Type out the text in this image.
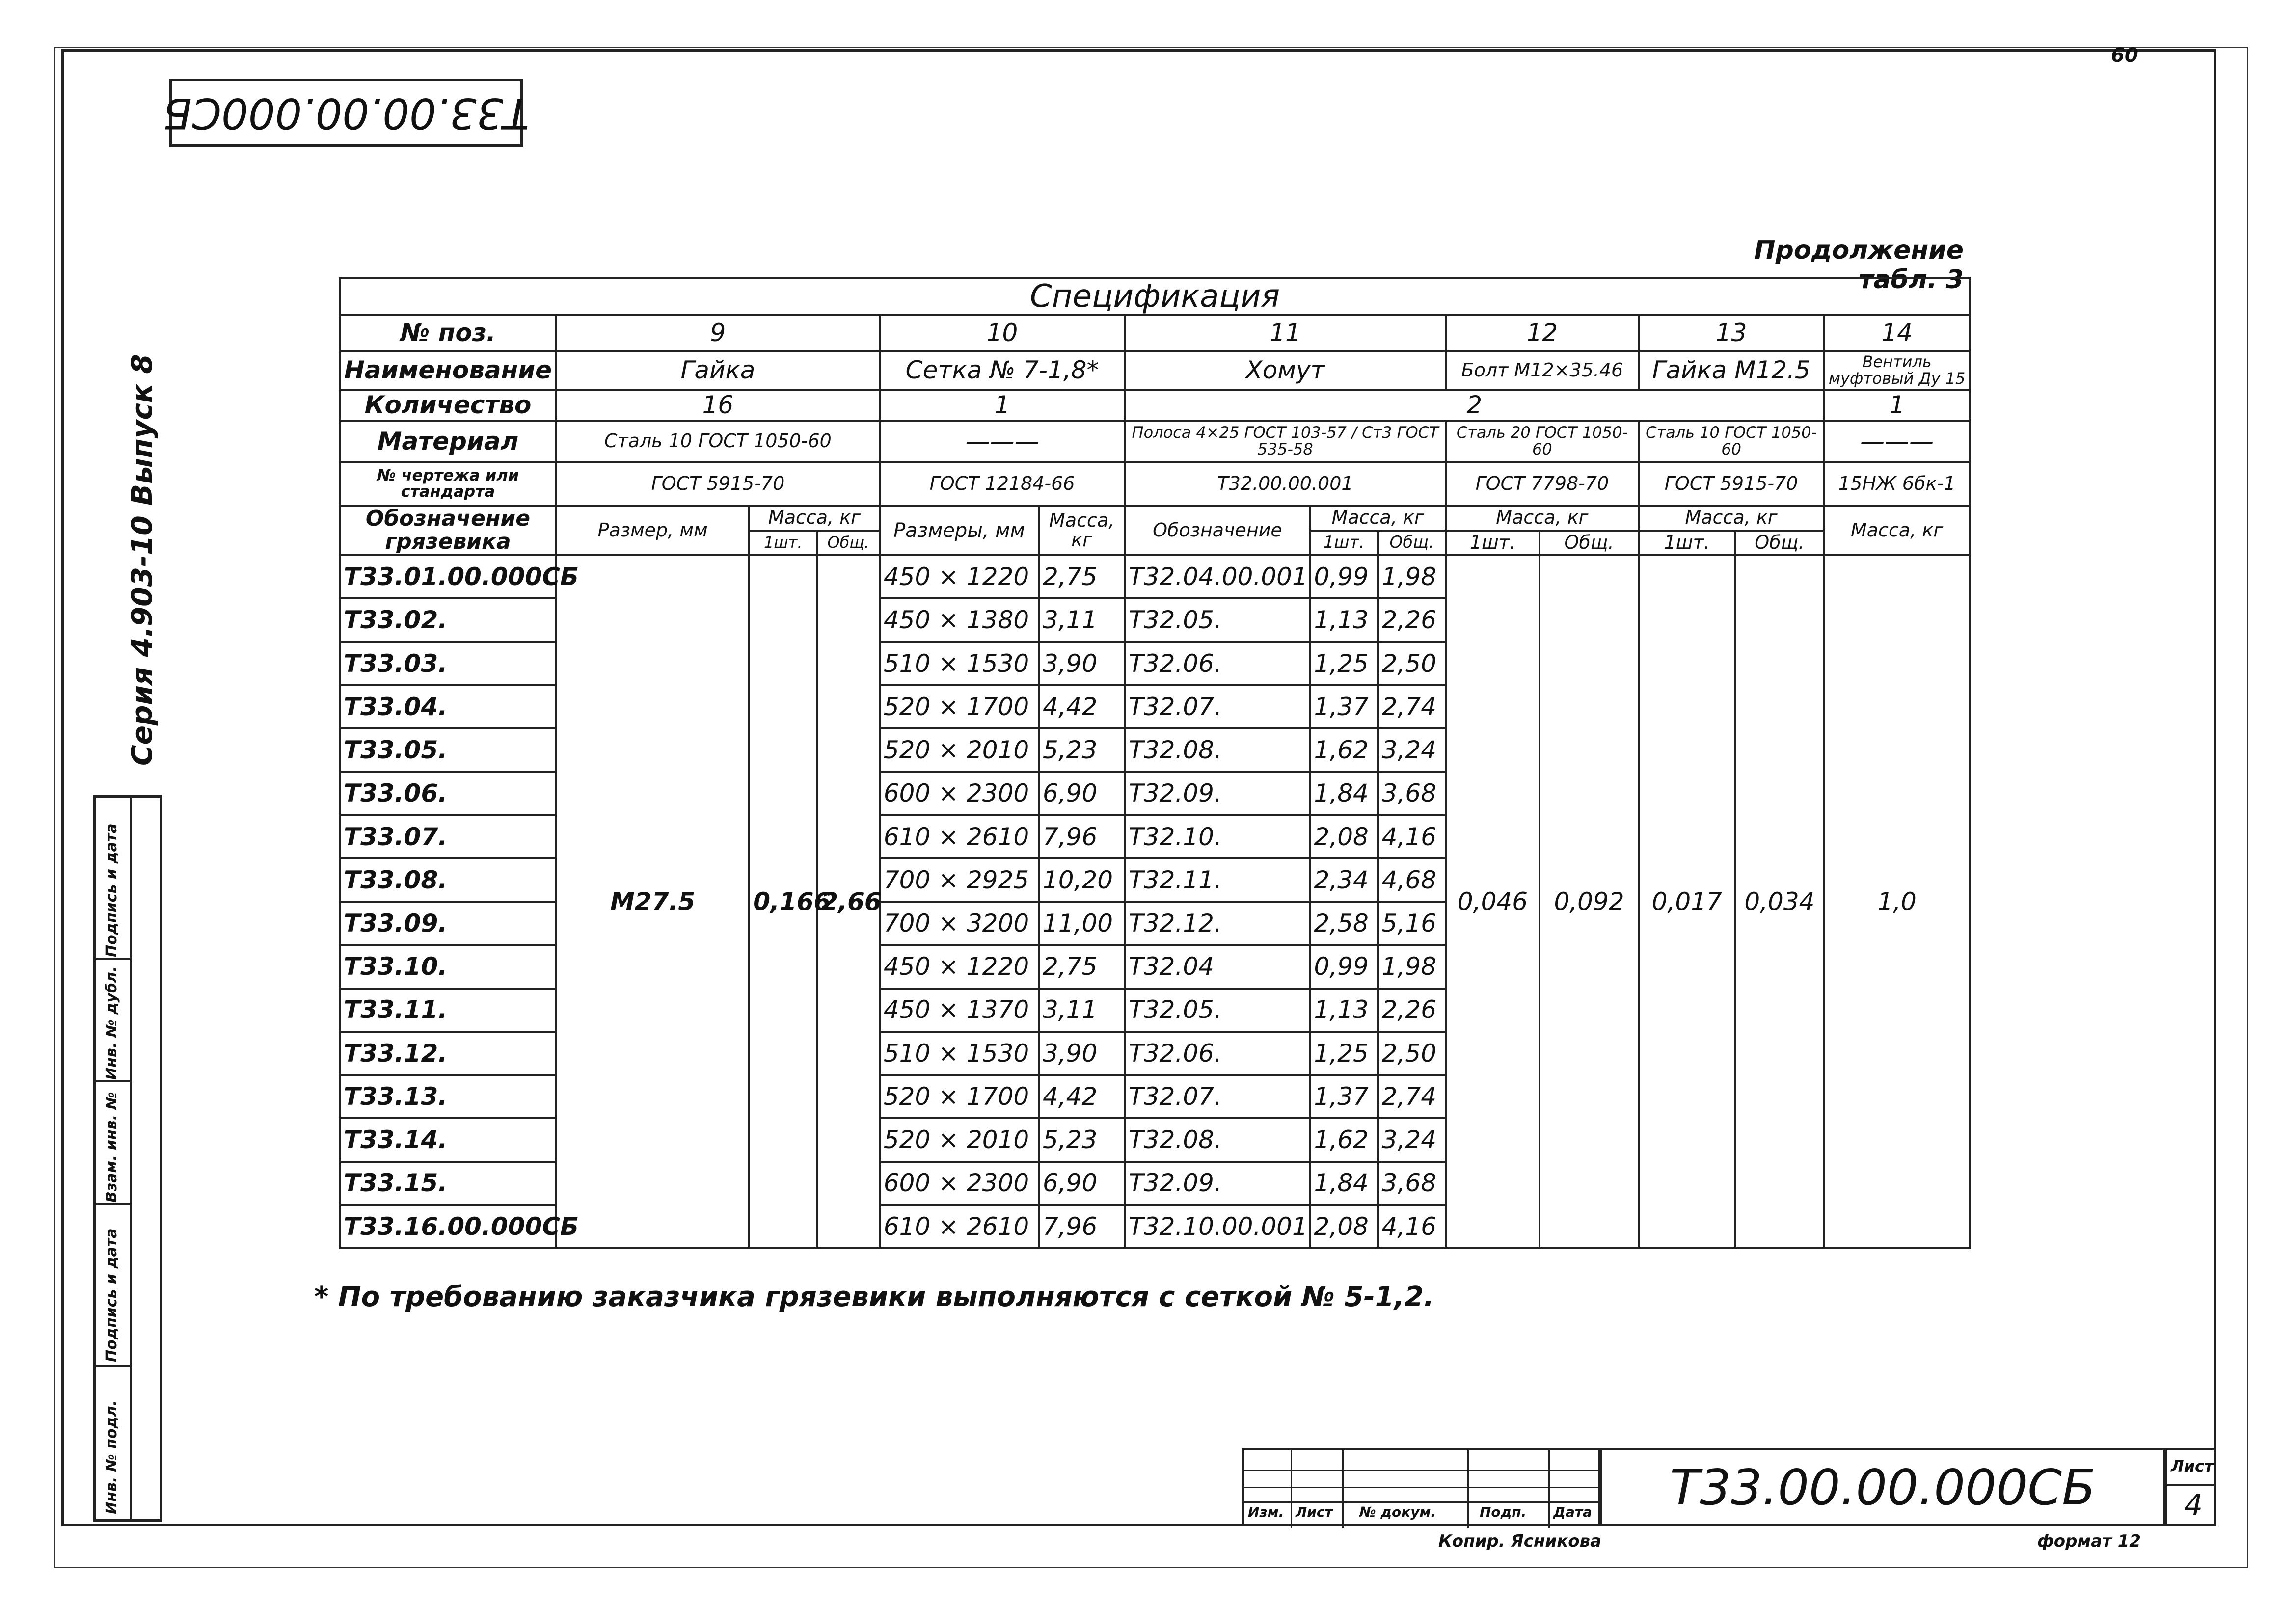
60
Т33.00.00.000СБ
Серия 4.903-10 Выпуск 8
Инв. № подл.
Подпись и дата
Взам. инв. №
Инв. № дубл.
Подпись и дата
Продолжение табл. 3
Спецификация													
№ поз.	9			10		11			12		13		14
Наименование	Гайка			Сетка № 7-1,8*		Хомут			Болт М12×35.46		Гайка М12.5		Вентиль муфтовый Ду 15
Количество	16			1		2							1
Материал	Сталь 10 ГОСТ 1050-60			———		Полоса 4×25 ГОСТ 103-57 / Ст3 ГОСТ 535-58			Сталь 20 ГОСТ 1050-60		Сталь 10 ГОСТ 1050-60		———
№ чертежа или стандарта	ГОСТ 5915-70			ГОСТ 12184-66		Т32.00.00.001			ГОСТ 7798-70		ГОСТ 5915-70		15НЖ 6бк-1
Обозначение грязевика	Размер, мм	Масса, кг		Размеры, мм	Масса, кг	Обозначение	Масса, кг		Масса, кг		Масса, кг		Масса, кг
		1шт.	Общ.				1шт.	Общ.	1шт.	Общ.	1шт.	Общ.	
Т33.01.00.000СБ	М27.5	0,166	2,66	450 × 1220	2,75	Т32.04.00.001	0,99	1,98	0,046	0,092	0,017	0,034	1,0
Т33.02.				450 × 1380	3,11	Т32.05.	1,13	2,26					
Т33.03.				510 × 1530	3,90	Т32.06.	1,25	2,50					
Т33.04.				520 × 1700	4,42	Т32.07.	1,37	2,74					
Т33.05.				520 × 2010	5,23	Т32.08.	1,62	3,24					
Т33.06.				600 × 2300	6,90	Т32.09.	1,84	3,68					
Т33.07.				610 × 2610	7,96	Т32.10.	2,08	4,16					
Т33.08.				700 × 2925	10,20	Т32.11.	2,34	4,68					
Т33.09.				700 × 3200	11,00	Т32.12.	2,58	5,16					
Т33.10.				450 × 1220	2,75	Т32.04	0,99	1,98					
Т33.11.				450 × 1370	3,11	Т32.05.	1,13	2,26					
Т33.12.				510 × 1530	3,90	Т32.06.	1,25	2,50					
Т33.13.				520 × 1700	4,42	Т32.07.	1,37	2,74					
Т33.14.				520 × 2010	5,23	Т32.08.	1,62	3,24					
Т33.15.				600 × 2300	6,90	Т32.09.	1,84	3,68					
Т33.16.00.000СБ				610 × 2610	7,96	Т32.10.00.001	2,08	4,16					
* По требованию заказчика грязевики выполняются с сеткой № 5-1,2.
Изм. Лист № докум.	Подп. Дата	Т33.00.00.000СБ	Лист
4
Копир. Ясникова	формат 12
